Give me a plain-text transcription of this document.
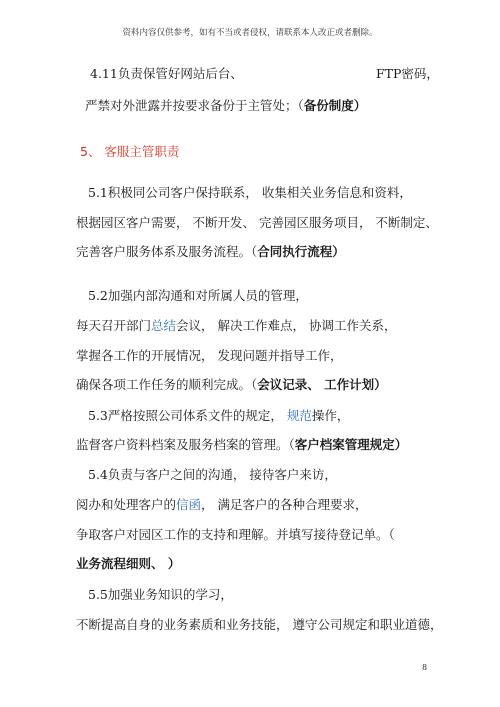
资料内容仅供参考，如有不当或者侵权，请联系本人改正或者删除。
4.11负责保管好网站后台、	FTP密码，
严禁对外泄露并按要求备份于主管处；（备份制度）
5、 客服主管职责
5.1积极同公司客户保持联系， 收集相关业务信息和资料，
根据园区客户需要， 不断开发、 完善园区服务项目， 不断制定、
完善客户服务体系及服务流程。（合同执行流程）
5.2加强内部沟通和对所属人员的管理，
每天召开部门总结会议， 解决工作难点， 协调工作关系，
掌握各工作的开展情况， 发现问题并指导工作，
确保各项工作任务的顺利完成。（会议记录、 工作计划）
5.3严格按照公司体系文件的规定， 规范操作，
监督客户资料档案及服务档案的管理。（客户档案管理规定）
5.4负责与客户之间的沟通， 接待客户来访，
阅办和处理客户的信函， 满足客户的各种合理要求，
争取客户对园区工作的支持和理解。并填写接待登记单。（
业务流程细则、 ）
5.5加强业务知识的学习，
不断提高自身的业务素质和业务技能， 遵守公司规定和职业道德，
8
